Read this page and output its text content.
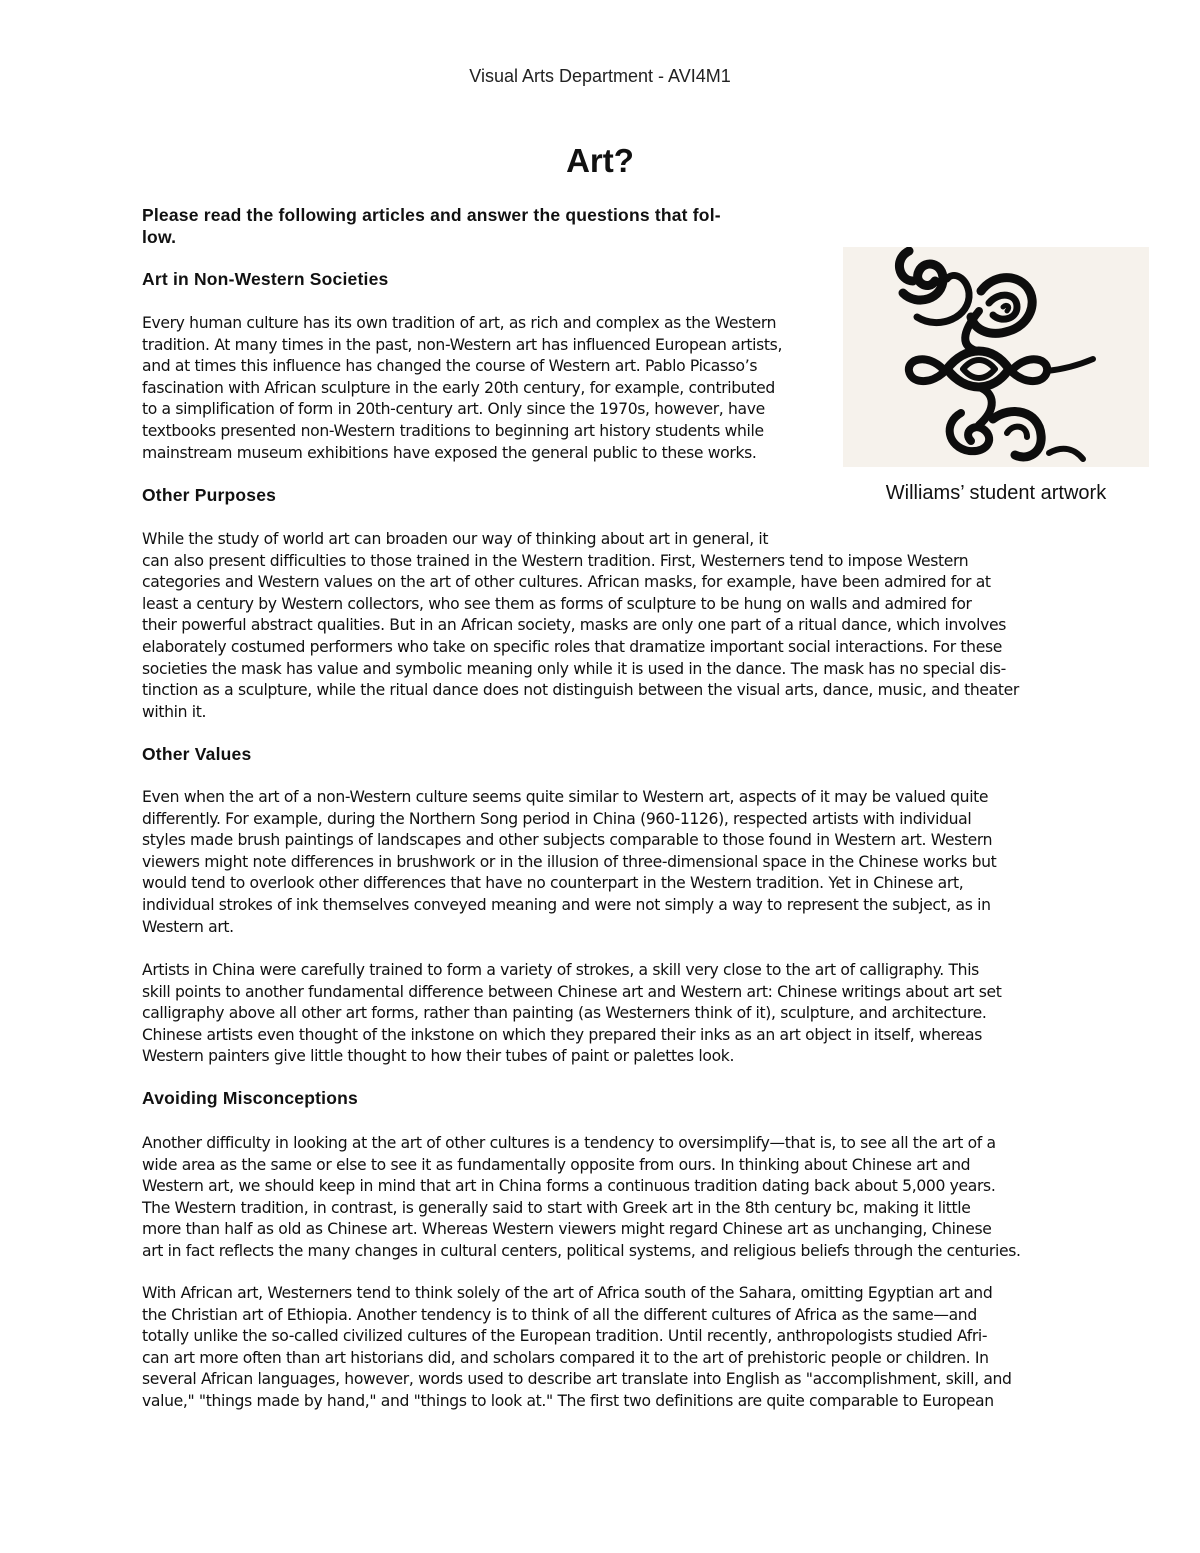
Visual Arts Department - AVI4M1
Art?

Please read the following articles and answer the questions that fol-
low.

Williams’ student artwork

Art in Non-Western Societies
Every human culture has its own tradition of art, as rich and complex as the Western
tradition. At many times in the past, non-Western art has influenced European artists,
and at times this influence has changed the course of Western art. Pablo Picasso’s
fascination with African sculpture in the early 20th century, for example, contributed
to a simplification of form in 20th-century art. Only since the 1970s, however, have
textbooks presented non-Western traditions to beginning art history students while
mainstream museum exhibitions have exposed the general public to these works.
Other Purposes
While the study of world art can broaden our way of thinking about art in general, it
can also present difficulties to those trained in the Western tradition. First, Westerners tend to impose Western
categories and Western values on the art of other cultures. African masks, for example, have been admired for at
least a century by Western collectors, who see them as forms of sculpture to be hung on walls and admired for
their powerful abstract qualities. But in an African society, masks are only one part of a ritual dance, which involves
elaborately costumed performers who take on specific roles that dramatize important social interactions. For these
societies the mask has value and symbolic meaning only while it is used in the dance. The mask has no special dis-
tinction as a sculpture, while the ritual dance does not distinguish between the visual arts, dance, music, and theater
within it.
Other Values
Even when the art of a non-Western culture seems quite similar to Western art, aspects of it may be valued quite
differently. For example, during the Northern Song period in China (960-1126), respected artists with individual
styles made brush paintings of landscapes and other subjects comparable to those found in Western art. Western
viewers might note differences in brushwork or in the illusion of three-dimensional space in the Chinese works but
would tend to overlook other differences that have no counterpart in the Western tradition. Yet in Chinese art,
individual strokes of ink themselves conveyed meaning and were not simply a way to represent the subject, as in
Western art.
Artists in China were carefully trained to form a variety of strokes, a skill very close to the art of calligraphy. This
skill points to another fundamental difference between Chinese art and Western art: Chinese writings about art set
calligraphy above all other art forms, rather than painting (as Westerners think of it), sculpture, and architecture.
Chinese artists even thought of the inkstone on which they prepared their inks as an art object in itself, whereas
Western painters give little thought to how their tubes of paint or palettes look.
Avoiding Misconceptions
Another difficulty in looking at the art of other cultures is a tendency to oversimplify—that is, to see all the art of a
wide area as the same or else to see it as fundamentally opposite from ours. In thinking about Chinese art and
Western art, we should keep in mind that art in China forms a continuous tradition dating back about 5,000 years.
The Western tradition, in contrast, is generally said to start with Greek art in the 8th century bc, making it little
more than half as old as Chinese art. Whereas Western viewers might regard Chinese art as unchanging, Chinese
art in fact reflects the many changes in cultural centers, political systems, and religious beliefs through the centuries.
With African art, Westerners tend to think solely of the art of Africa south of the Sahara, omitting Egyptian art and
the Christian art of Ethiopia. Another tendency is to think of all the different cultures of Africa as the same—and
totally unlike the so-called civilized cultures of the European tradition. Until recently, anthropologists studied Afri-
can art more often than art historians did, and scholars compared it to the art of prehistoric people or children. In
several African languages, however, words used to describe art translate into English as "accomplishment, skill, and
value," "things made by hand," and "things to look at." The first two definitions are quite comparable to European
